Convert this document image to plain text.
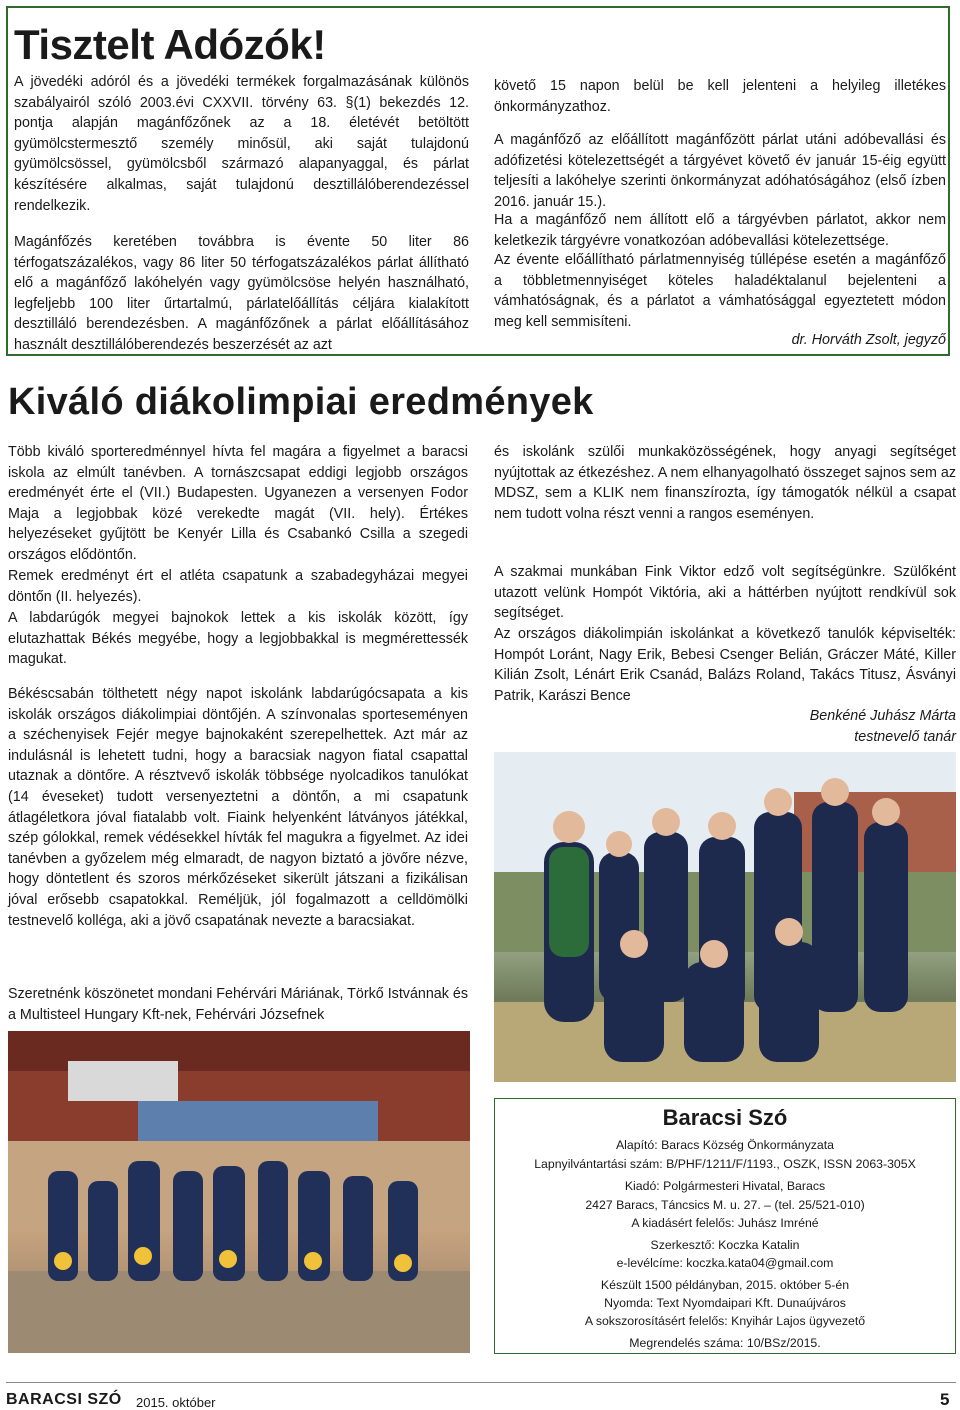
Tisztelt Adózók!

A jövedéki adóról és a jövedéki termékek forgalmazásának különös szabályairól szóló 2003.évi CXXVII. törvény 63. §(1) bekezdés 12. pontja alapján magánfőzőnek az a 18. életévét betöltött gyümölcstermesztő személy minősül, aki saját tulajdonú gyümölcsössel, gyümölcsből származó alapanyaggal, és párlat készítésére alkalmas, saját tulajdonú desztillálóberendezéssel rendelkezik.

Magánfőzés keretében továbbra is évente 50 liter 86 térfogatszázalékos, vagy 86 liter 50 térfogatszázalékos párlat állítható elő a magánfőző lakóhelyén vagy gyümölcsöse helyén használható, legfeljebb 100 liter űrtartalmú, párlatelőállítás céljára kialakított desztilláló berendezésben. A magánfőzőnek a párlat előállításához használt desztillálóberendezés beszerzését az azt

követő 15 napon belül be kell jelenteni a helyileg illetékes önkormányzathoz.

A magánfőző az előállított magánfőzött párlat utáni adóbevallási és adófizetési kötelezettségét a tárgyévet követő év január 15-éig együtt teljesíti a lakóhelye szerinti önkormányzat adóhatóságához (első ízben 2016. január 15.).

Ha a magánfőző nem állított elő a tárgyévben párlatot, akkor nem keletkezik tárgyévre vonatkozóan adóbevallási kötelezettsége.

Az évente előállítható párlatmennyiség túllépése esetén a magánfőző a többletmennyiséget köteles haladéktalanul bejelenteni a vámhatóságnak, és a párlatot a vámhatósággal egyeztetett módon meg kell semmisíteni.

dr. Horváth Zsolt, jegyző

Kiváló diákolimpiai eredmények

Több kiváló sporteredménnyel hívta fel magára a figyelmet a baracsi iskola az elmúlt tanévben. A tornászcsapat eddigi legjobb országos eredményét érte el (VII.) Budapesten. Ugyanezen a versenyen Fodor Maja a legjobbak közé verekedte magát (VII. hely). Értékes helyezéseket gyűjtött be Kenyér Lilla és Csabankó Csilla a szegedi országos elődöntőn.

Remek eredményt ért el atléta csapatunk a szabadegyházai megyei döntőn (II. helyezés).

A labdarúgók megyei bajnokok lettek a kis iskolák között, így elutazhattak Békés megyébe, hogy a legjobbakkal is megmérettessék magukat.

Békéscsabán tölthetett négy napot iskolánk labdarúgócsapata a kis iskolák országos diákolimpiai döntőjén. A színvonalas sporteseményen a széchenyisek Fejér megye bajnokaként szerepelhettek. Azt már az indulásnál is lehetett tudni, hogy a baracsiak nagyon fiatal csapattal utaznak a döntőre. A résztvevő iskolák többsége nyolcadikos tanulókat (14 éveseket) tudott versenyeztetni a döntőn, a mi csapatunk átlagéletkora jóval fiatalabb volt. Fiaink helyenként látványos játékkal, szép gólokkal, remek védésekkel hívták fel magukra a figyelmet. Az idei tanévben a győzelem még elmaradt, de nagyon biztató a jövőre nézve, hogy döntetlent és szoros mérkőzéseket sikerült játszani a fizikálisan jóval erősebb csapatokkal. Reméljük, jól fogalmazott a celldömölki testnevelő kollégа, aki a jövő csapatának nevezte a baracsiakat.

Szeretnénk köszönetet mondani Fehérvári Máriának, Törkő Istvánnak és a Multisteel Hungary Kft-nek, Fehérvári Józsefnek

és iskolánk szülői munkaközösségének, hogy anyagi segítséget nyújtottak az étkezéshez. A nem elhanyagolható összeget sajnos sem az MDSZ, sem a KLIK nem finanszírozta, így támogatók nélkül a csapat nem tudott volna részt venni a rangos eseményen.

A szakmai munkában Fink Viktor edző volt segítségünkre. Szülőként utazott velünk Hompót Viktória, aki a háttérben nyújtott rendkívül sok segítséget.

Az országos diákolimpián iskolánkat a következő tanulók képviselték: Hompót Loránt, Nagy Erik, Bebesi Csenger Belián, Gráczer Máté, Killer Kilián Zsolt, Lénárt Erik Csanád, Balázs Roland, Takács Titusz, Ásványi Patrik, Karászi Bence

Benkéné Juhász Márta

testnevelő tanár

Baracsi Szó

Alapító: Baracs Község Önkormányzata

Lapnyilvántartási szám: B/PHF/1211/F/1193., OSZK, ISSN 2063-305X

Kiadó: Polgármesteri Hivatal, Baracs

2427 Baracs, Táncsics M. u. 27. – (tel. 25/521-010)

A kiadásért felelős: Juhász Imréné

Szerkesztő: Koczka Katalin

e-levélcíme: koczka.kata04@gmail.com

Készült 1500 példányban, 2015. október 5-én

Nyomda: Text Nyomdaipari Kft. Dunaújváros

A sokszorosításért felelős: Knyihár Lajos ügyvezető

Megrendelés száma: 10/BSz/2015.

BARACSI SZÓ 2015. október	5
